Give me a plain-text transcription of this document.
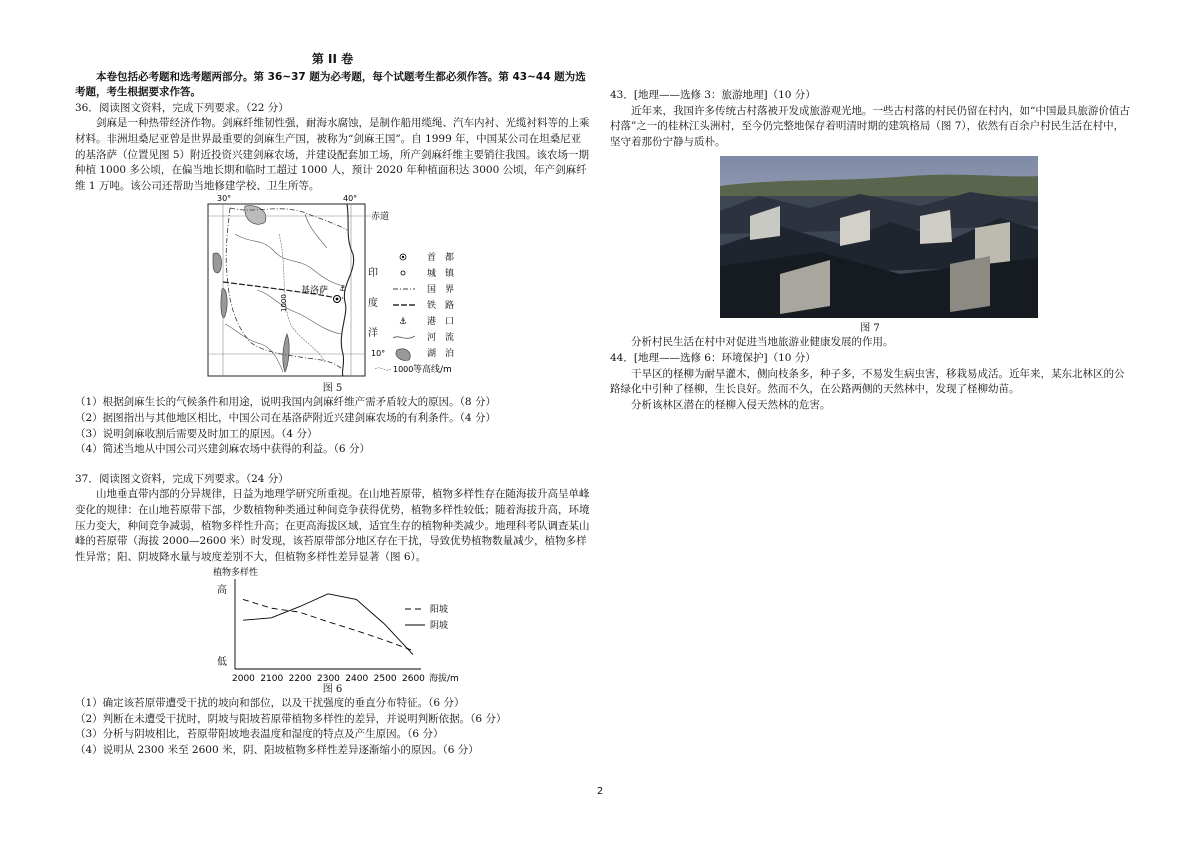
第 II 卷

本卷包括必考题和选考题两部分。第 36~37 题为必考题，每个试题考生都必须作答。第 43~44 题为选考题，考生根据要求作答。

36．阅读图文资料，完成下列要求。（22 分）

剑麻是一种热带经济作物。剑麻纤维韧性强，耐海水腐蚀，是制作船用缆绳、汽车内衬、光缆衬料等的上乘材料。非洲坦桑尼亚曾是世界最重要的剑麻生产国，被称为“剑麻王国”。自 1999 年，中国某公司在坦桑尼亚的基洛萨（位置见图 5）附近投资兴建剑麻农场，并建设配套加工场，所产剑麻纤维主要销往我国。该农场一期种植 1000 多公顷，在偏当地长期和临时工超过 1000 人，预计 2020 年种植面积达 3000 公顷，年产剑麻纤维 1 万吨。该公司还帮助当地修建学校、卫生所等。

30°	40°
赤道
10°
1000
基洛萨 ⚓
印
度
洋
首　都
城　镇
国　界
铁　路
⚓ 港　口
河　流
湖　泊
1000 等高线/m
图 5

（1）根据剑麻生长的气候条件和用途，说明我国内剑麻纤维产需矛盾较大的原因。（8 分）

（2）据图指出与其他地区相比，中国公司在基洛萨附近兴建剑麻农场的有利条件。（4 分）

（3）说明剑麻收割后需要及时加工的原因。（4 分）

（4）简述当地从中国公司兴建剑麻农场中获得的利益。（6 分）

37．阅读图文资料，完成下列要求。（24 分）

山地垂直带内部的分异规律，日益为地理学研究所重视。在山地苔原带，植物多样性存在随海拔升高呈单峰变化的规律：在山地苔原带下部，少数植物种类通过种间竞争获得优势，植物多样性较低；随着海拔升高，环境压力变大，种间竞争减弱，植物多样性升高；在更高海拔区域，适宜生存的植物种类减少。地理科考队调查某山峰的苔原带（海拔 2000—2600 米）时发现，该苔原带部分地区存在干扰，导致优势植物数量减少，植物多样性异常；阳、阴坡降水量与坡度差别不大，但植物多样性差异显著（图 6）。

植物多样性
高
低
海拔/m
2000 2100 2200 2300 2400 2500 2600
阳坡
阴坡
图 6

（1）确定该苔原带遭受干扰的坡向和部位，以及干扰强度的垂直分布特征。（6 分）

（2）判断在未遭受干扰时，阴坡与阳坡苔原带植物多样性的差异，并说明判断依据。（6 分）

（3）分析与阴坡相比，苔原带阳坡地表温度和湿度的特点及产生原因。（6 分）

（4）说明从 2300 米至 2600 米，阴、阳坡植物多样性差异逐渐缩小的原因。（6 分）

43．[地理——选修 3：旅游地理]（10 分）

近年来，我国许多传统古村落被开发成旅游观光地。一些古村落的村民仍留在村内，如“中国最具旅游价值古村落”之一的桂林江头洲村，至今仍完整地保存着明清时期的建筑格局（图 7），依然有百余户村民生活在村中，坚守着那份宁静与质朴。

图 7

分析村民生活在村中对促进当地旅游业健康发展的作用。

44．[地理——选修 6：环境保护]（10 分）

干旱区的柽柳为耐旱灌木，侧向枝条多，种子多，不易发生病虫害，移栽易成活。近年来，某东北林区的公路绿化中引种了柽柳，生长良好。然而不久，在公路两侧的天然林中，发现了柽柳幼苗。

分析该林区潜在的柽柳入侵天然林的危害。

2
